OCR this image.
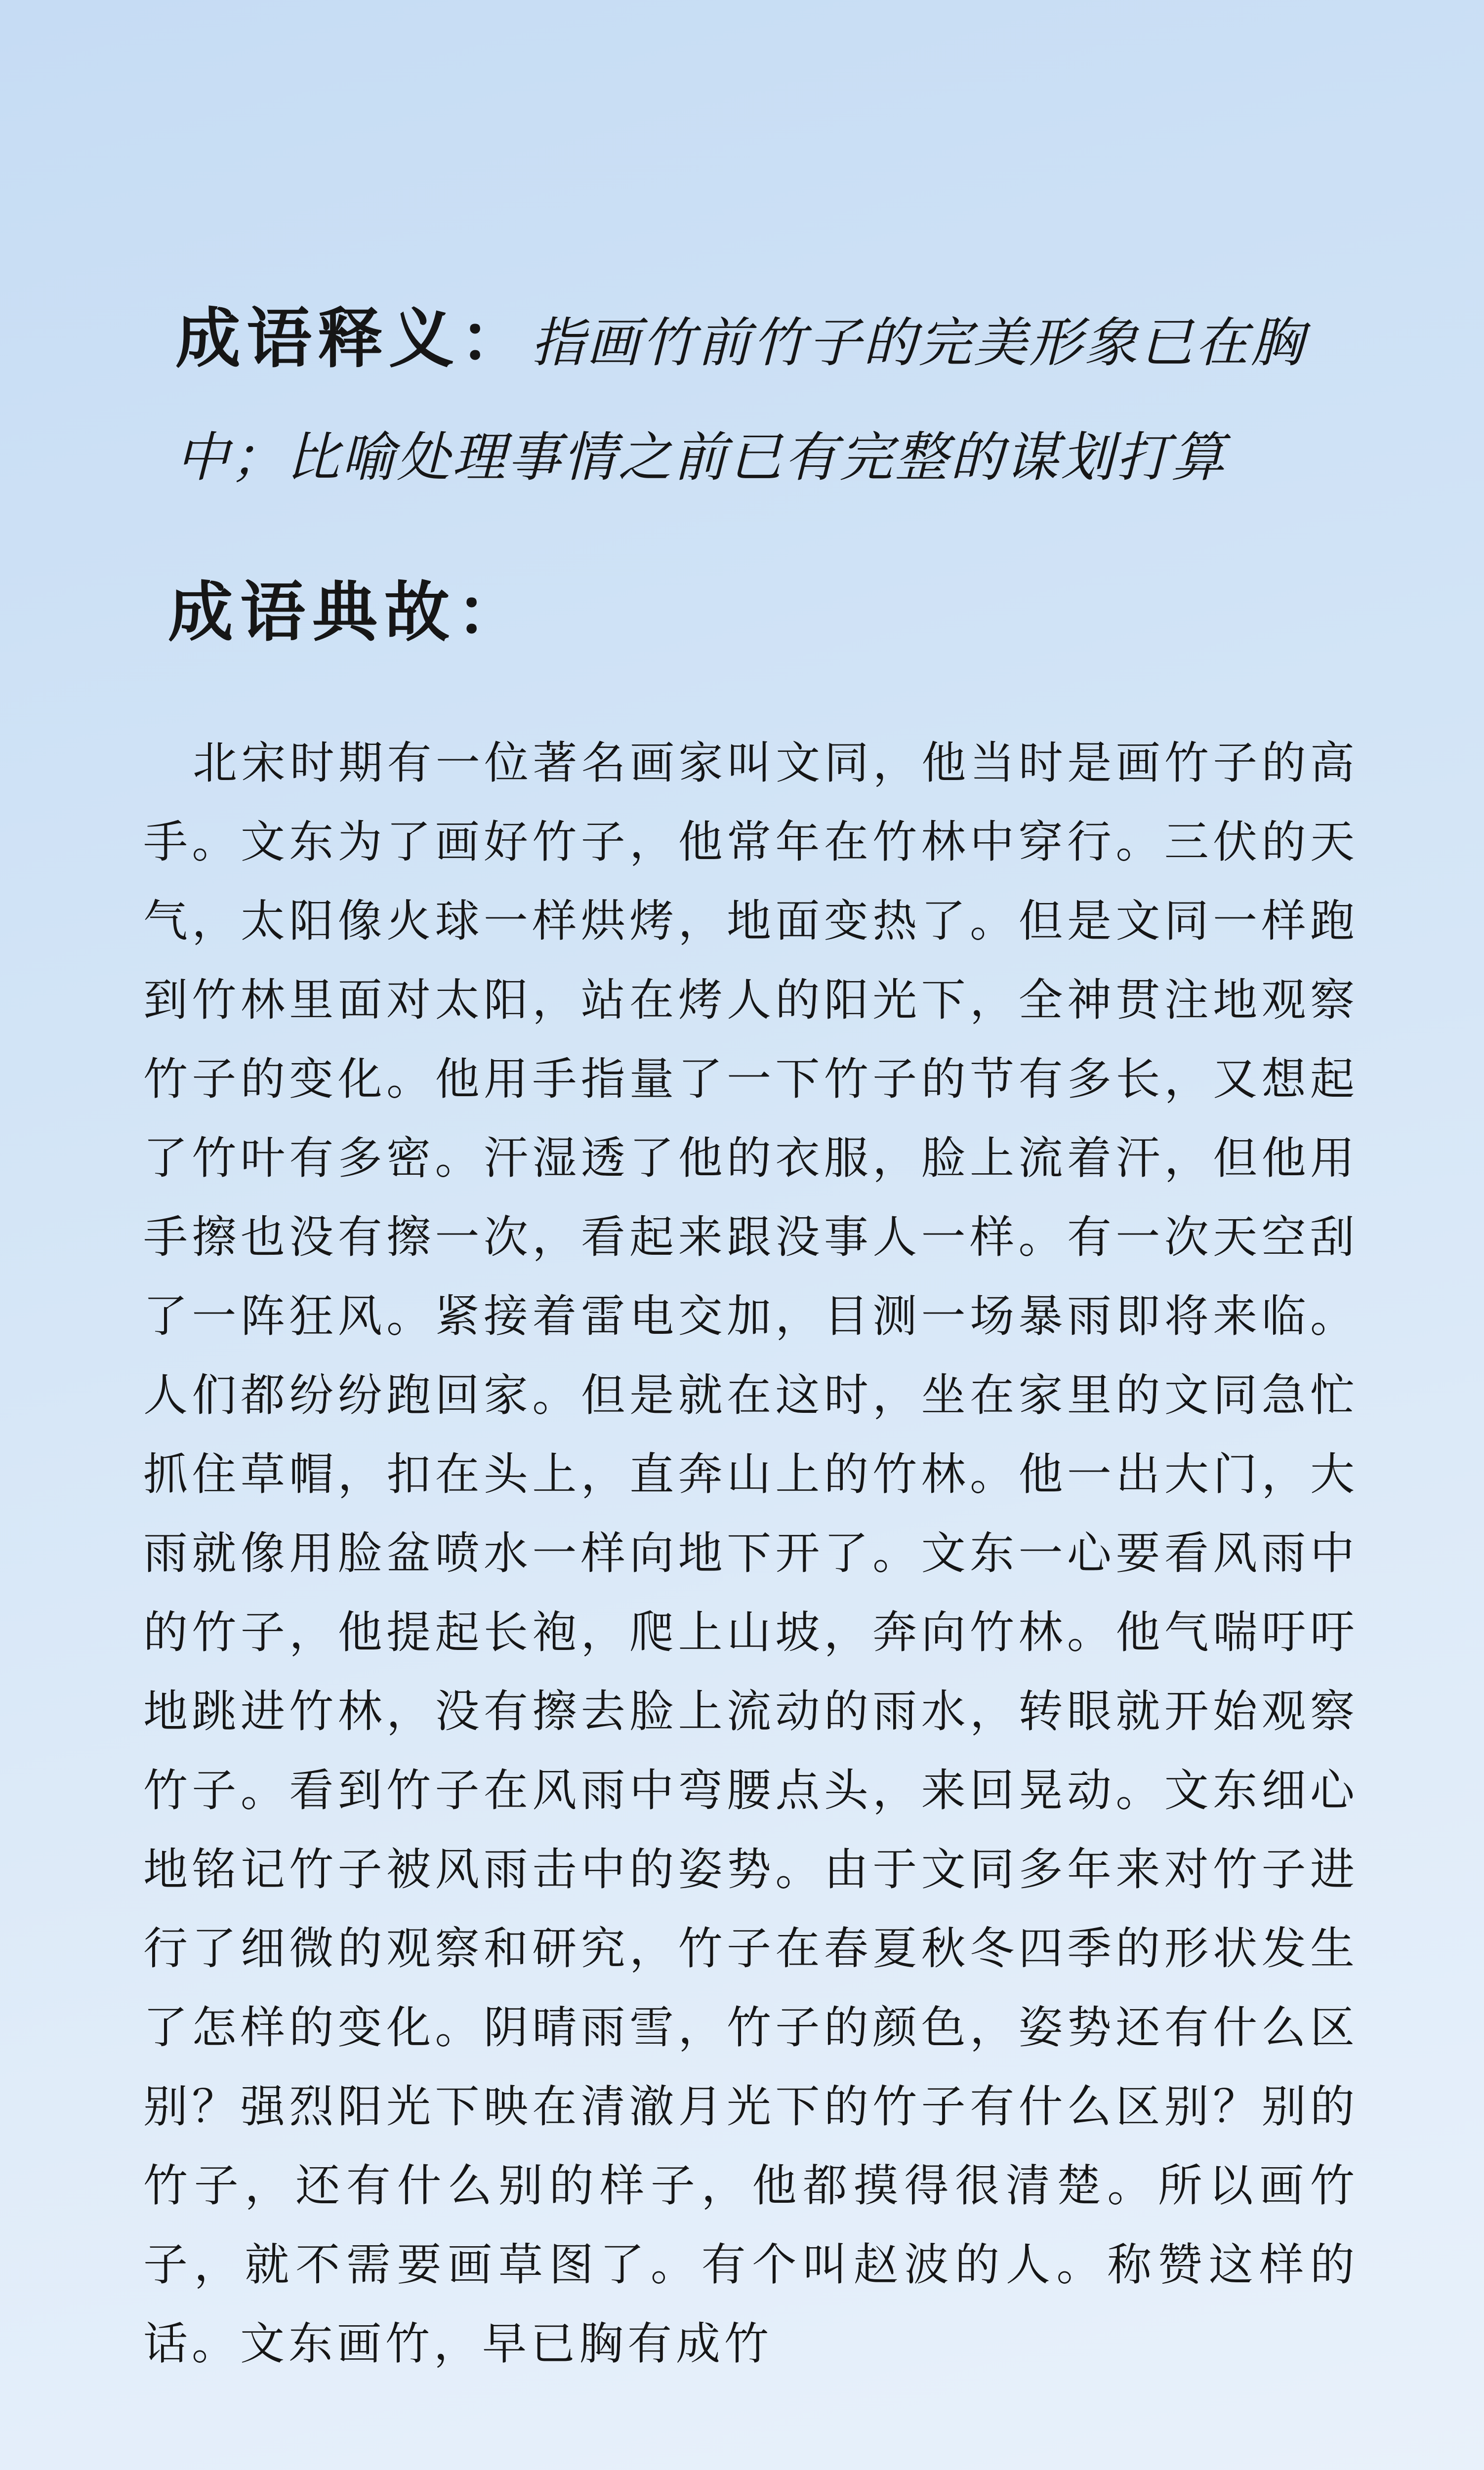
成语释义：指画竹前竹子的完美形象已在胸中；比喻处理事情之前已有完整的谋划打算
成语典故：

北宋时期有一位著名画家叫文同，他当时是画竹子的高手。文东为了画好竹子，他常年在竹林中穿行。三伏的天气，太阳像火球一样烘烤，地面变热了。但是文同一样跑到竹林里面对太阳，站在烤人的阳光下，全神贯注地观察竹子的变化。他用手指量了一下竹子的节有多长，又想起了竹叶有多密。汗湿透了他的衣服，脸上流着汗，但他用手擦也没有擦一次，看起来跟没事人一样。有一次天空刮了一阵狂风。紧接着雷电交加，目测一场暴雨即将来临。人们都纷纷跑回家。但是就在这时，坐在家里的文同急忙抓住草帽，扣在头上，直奔山上的竹林。他一出大门，大雨就像用脸盆喷水一样向地下开了。文东一心要看风雨中的竹子，他提起长袍，爬上山坡，奔向竹林。他气喘吁吁地跳进竹林，没有擦去脸上流动的雨水，转眼就开始观察竹子。看到竹子在风雨中弯腰点头，来回晃动。文东细心地铭记竹子被风雨击中的姿势。由于文同多年来对竹子进行了细微的观察和研究，竹子在春夏秋冬四季的形状发生了怎样的变化。阴晴雨雪，竹子的颜色，姿势还有什么区别？强烈阳光下映在清澈月光下的竹子有什么区别？别的竹子，还有什么别的样子，他都摸得很清楚。所以画竹子，就不需要画草图了。有个叫赵波的人。称赞这样的话。文东画竹，早已胸有成竹
